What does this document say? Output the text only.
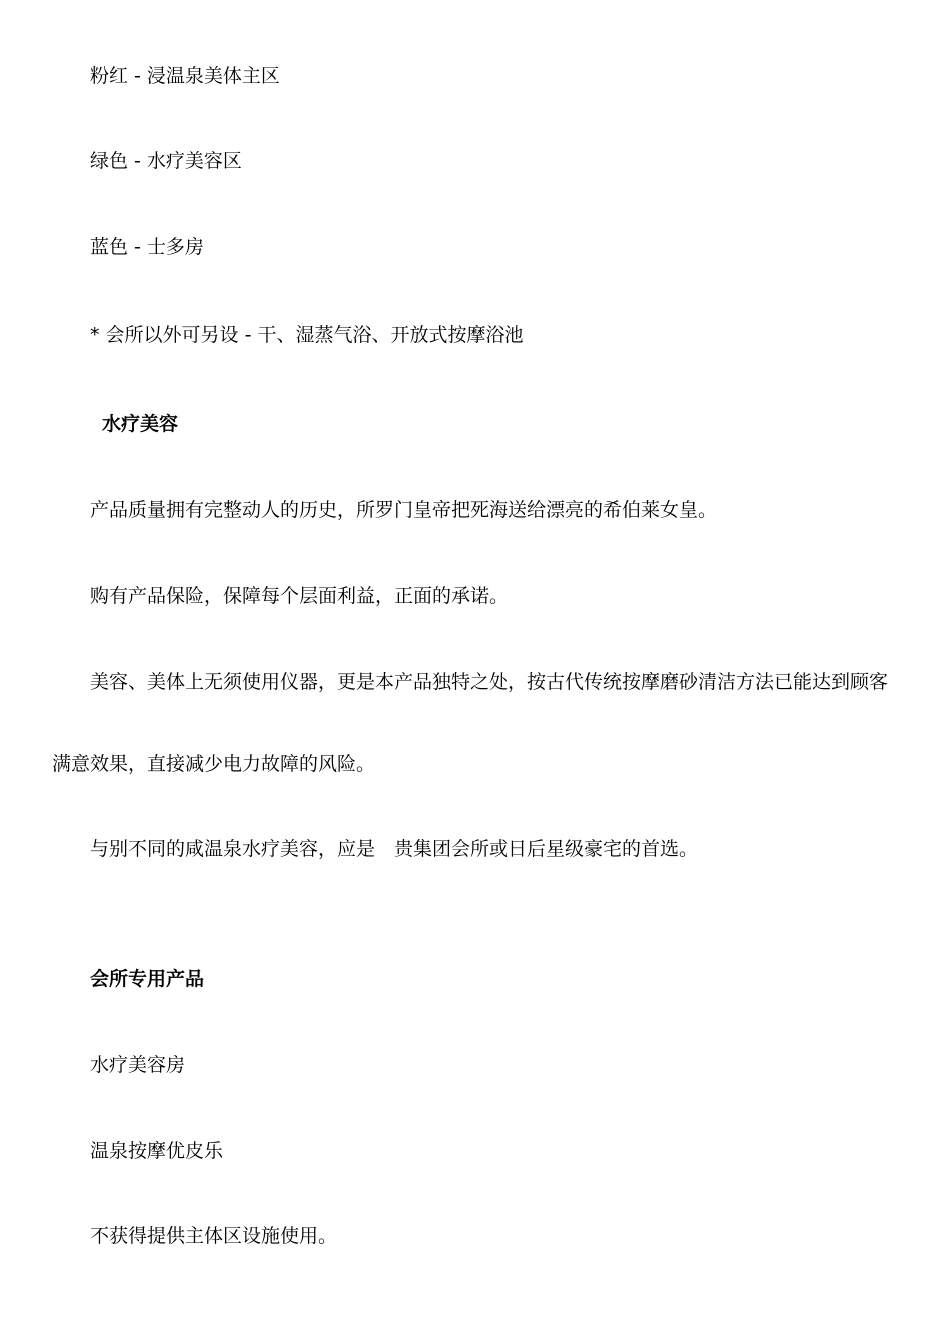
粉红 - 浸温泉美体主区
绿色 - 水疗美容区
蓝色 - 士多房
* 会所以外可另设 - 干、湿蒸气浴、开放式按摩浴池
水疗美容
产品质量拥有完整动人的历史，所罗门皇帝把死海送给漂亮的希伯莱女皇。
购有产品保险，保障每个层面利益，正面的承诺。
美容、美体上无须使用仪器，更是本产品独特之处，按古代传统按摩磨砂清洁方法已能达到顾客
满意效果，直接减少电力故障的风险。
与别不同的咸温泉水疗美容，应是　贵集团会所或日后星级豪宅的首选。
会所专用产品
水疗美容房
温泉按摩优皮乐
不获得提供主体区设施使用。
